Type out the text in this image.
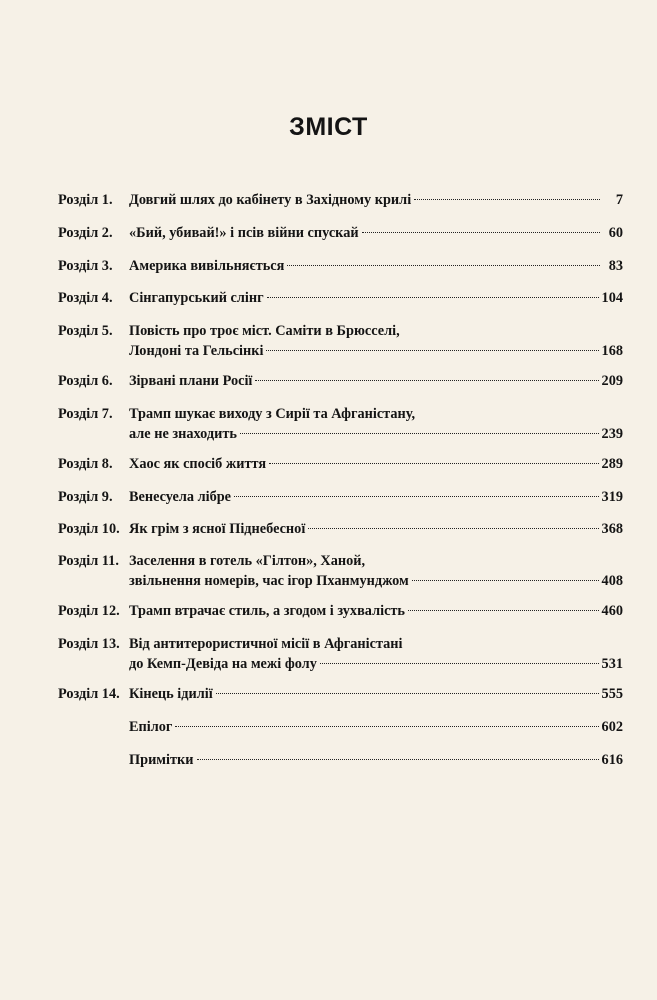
ЗМІСТ
Розділ 1. Довгий шлях до кабінету в Західному крилі	7
Розділ 2. «Бий, убивай!» і псів війни спускай	60
Розділ 3. Америка вивільняється	83
Розділ 4. Сінгапурський слінг	104
Розділ 5. Повість про троє міст. Саміти в Брюсселі,
Лондоні та Гельсінкі	168
Розділ 6. Зірвані плани Росії	209
Розділ 7. Трамп шукає виходу з Сирії та Афганістану,
але не знаходить	239
Розділ 8. Хаос як спосіб життя	289
Розділ 9. Венесуела лібре	319
Розділ 10. Як грім з ясної Піднебесної	368
Розділ 11. Заселення в готель «Гілтон», Ханой,
звільнення номерів, час ігор Пханмунджом	408
Розділ 12. Трамп втрачає стиль, а згодом і зухвалість	460
Розділ 13. Від антитерористичної місії в Афганістані
до Кемп-Девіда на межі фолу	531
Розділ 14. Кінець ідилії	555
Епілог	602
Примітки	616
